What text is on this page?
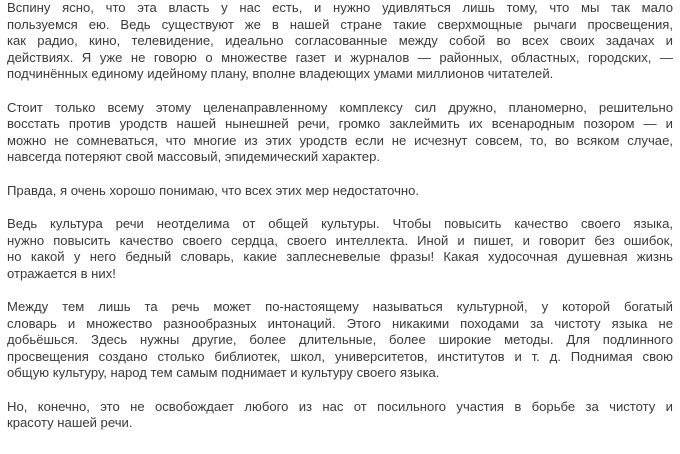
Вспину ясно, что эта власть у нас есть, и нужно удивляться лишь тому, что мы так мало
пользуемся ею. Ведь существуют же в нашей стране такие сверхмощные рычаги просвещения,
как радио, кино, телевидение, идеально согласованные между собой во всех своих задачах и
действиях. Я уже не говорю о множестве газет и журналов — районных, областных, городских, —
подчинённых единому идейному плану, вполне владеющих умами миллионов читателей.
Стоит только всему этому целенаправленному комплексу сил дружно, планомерно, решительно
восстать против уродств нашей нынешней речи, громко заклеймить их всенародным позором — и
можно не сомневаться, что многие из этих уродств если не исчезнут совсем, то, во всяком случае,
навсегда потеряют свой массовый, эпидемический характер.
Правда, я очень хорошо понимаю, что всех этих мер недостаточно.
Ведь культура речи неотделима от общей культуры. Чтобы повысить качество своего языка,
нужно повысить качество своего сердца, своего интеллекта. Иной и пишет, и говорит без ошибок,
но какой у него бедный словарь, какие заплесневелые фразы! Какая худосочная душевная жизнь
отражается в них!
Между тем лишь та речь может по-настоящему называться культурной, у которой богатый
словарь и множество разнообразных интонаций. Этого никакими походами за чистоту языка не
добьёшься. Здесь нужны другие, более длительные, более широкие методы. Для подлинного
просвещения создано столько библиотек, школ, университетов, институтов и т. д. Поднимая свою
общую культуру, народ тем самым поднимает и культуру своего языка.
Но, конечно, это не освобождает любого из нас от посильного участия в борьбе за чистоту и
красоту нашей речи.
